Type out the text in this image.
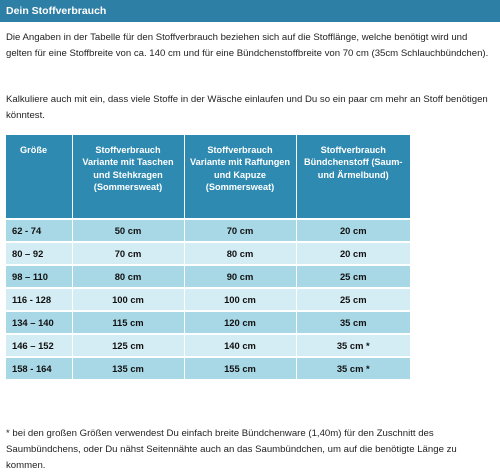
Dein Stoffverbrauch
Die Angaben in der Tabelle für den Stoffverbrauch beziehen sich auf die Stofflänge, welche benötigt wird und gelten für eine Stoffbreite von ca. 140 cm und für eine Bündchenstoffbreite von 70 cm (35cm Schlauchbündchen).
Kalkuliere auch mit ein, dass viele Stoffe in der Wäsche einlaufen und Du so ein paar cm mehr an Stoff benötigen könntest.
Größe	Stoffverbrauch Variante mit Taschen und Stehkragen (Sommersweat)	Stoffverbrauch Variante mit Raffungen und Kapuze (Sommersweat)	Stoffverbrauch Bündchenstoff (Saum- und Ärmelbund)
62 - 74	50 cm	70 cm	20 cm
80 – 92	70 cm	80 cm	20 cm
98 – 110	80 cm	90 cm	25 cm
116 - 128	100 cm	100 cm	25 cm
134 – 140	115 cm	120 cm	35 cm
146 – 152	125 cm	140 cm	35 cm *
158 - 164	135 cm	155 cm	35 cm *
* bei den großen Größen verwendest Du einfach breite Bündchenware (1,40m) für den Zuschnitt des Saumbündchens, oder Du nähst Seitennähte auch an das Saumbündchen, um auf die benötigte Länge zu kommen.
